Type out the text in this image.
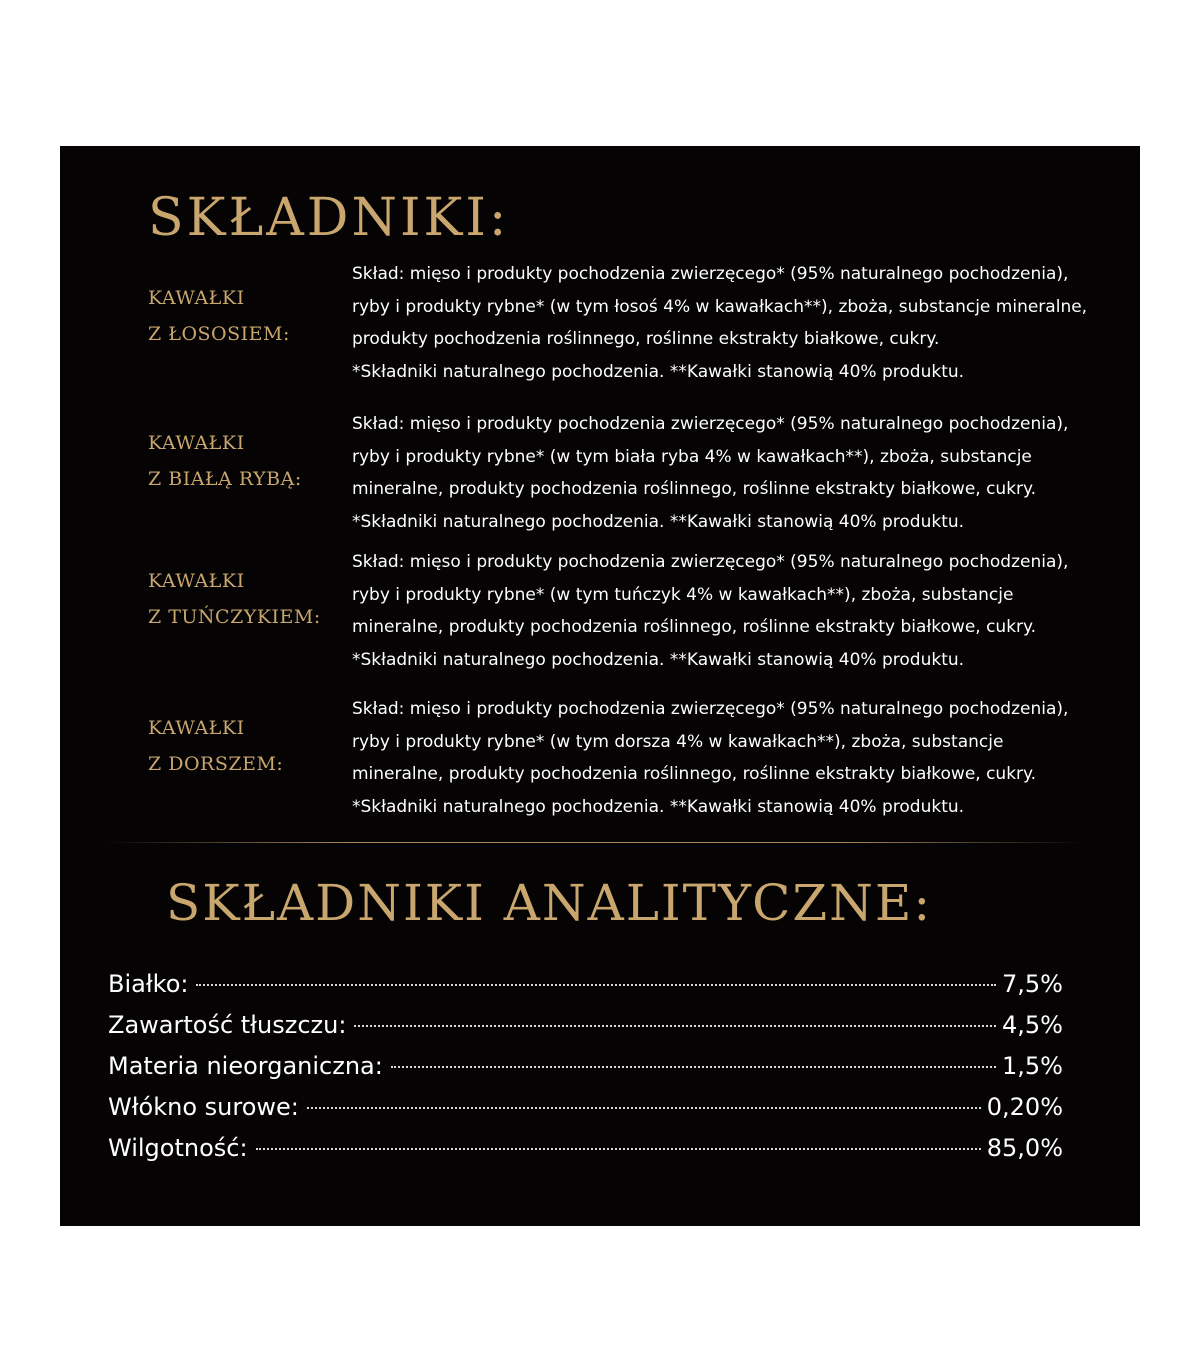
SKŁADNIKI:
KAWAŁKI
Z ŁOSOSIEM:

Skład: mięso i produkty pochodzenia zwierzęcego* (95% naturalnego pochodzenia),

ryby i produkty rybne* (w tym łosoś 4% w kawałkach**), zboża, substancje mineralne,

produkty pochodzenia roślinnego, roślinne ekstrakty białkowe, cukry.

*Składniki naturalnego pochodzenia. **Kawałki stanowią 40% produktu.

KAWAŁKI
Z BIAŁĄ RYBĄ:

Skład: mięso i produkty pochodzenia zwierzęcego* (95% naturalnego pochodzenia),

ryby i produkty rybne* (w tym biała ryba 4% w kawałkach**), zboża, substancje

mineralne, produkty pochodzenia roślinnego, roślinne ekstrakty białkowe, cukry.

*Składniki naturalnego pochodzenia. **Kawałki stanowią 40% produktu.

KAWAŁKI
Z TUŃCZYKIEM:

Skład: mięso i produkty pochodzenia zwierzęcego* (95% naturalnego pochodzenia),

ryby i produkty rybne* (w tym tuńczyk 4% w kawałkach**), zboża, substancje

mineralne, produkty pochodzenia roślinnego, roślinne ekstrakty białkowe, cukry.

*Składniki naturalnego pochodzenia. **Kawałki stanowią 40% produktu.

KAWAŁKI
Z DORSZEM:

Skład: mięso i produkty pochodzenia zwierzęcego* (95% naturalnego pochodzenia),

ryby i produkty rybne* (w tym dorsza 4% w kawałkach**), zboża, substancje

mineralne, produkty pochodzenia roślinnego, roślinne ekstrakty białkowe, cukry.

*Składniki naturalnego pochodzenia. **Kawałki stanowią 40% produktu.

SKŁADNIKI ANALITYCZNE:
Białko:	7,5%
Zawartość tłuszczu:	4,5%
Materia nieorganiczna:	1,5%
Włókno surowe:	0,20%
Wilgotność:	85,0%
